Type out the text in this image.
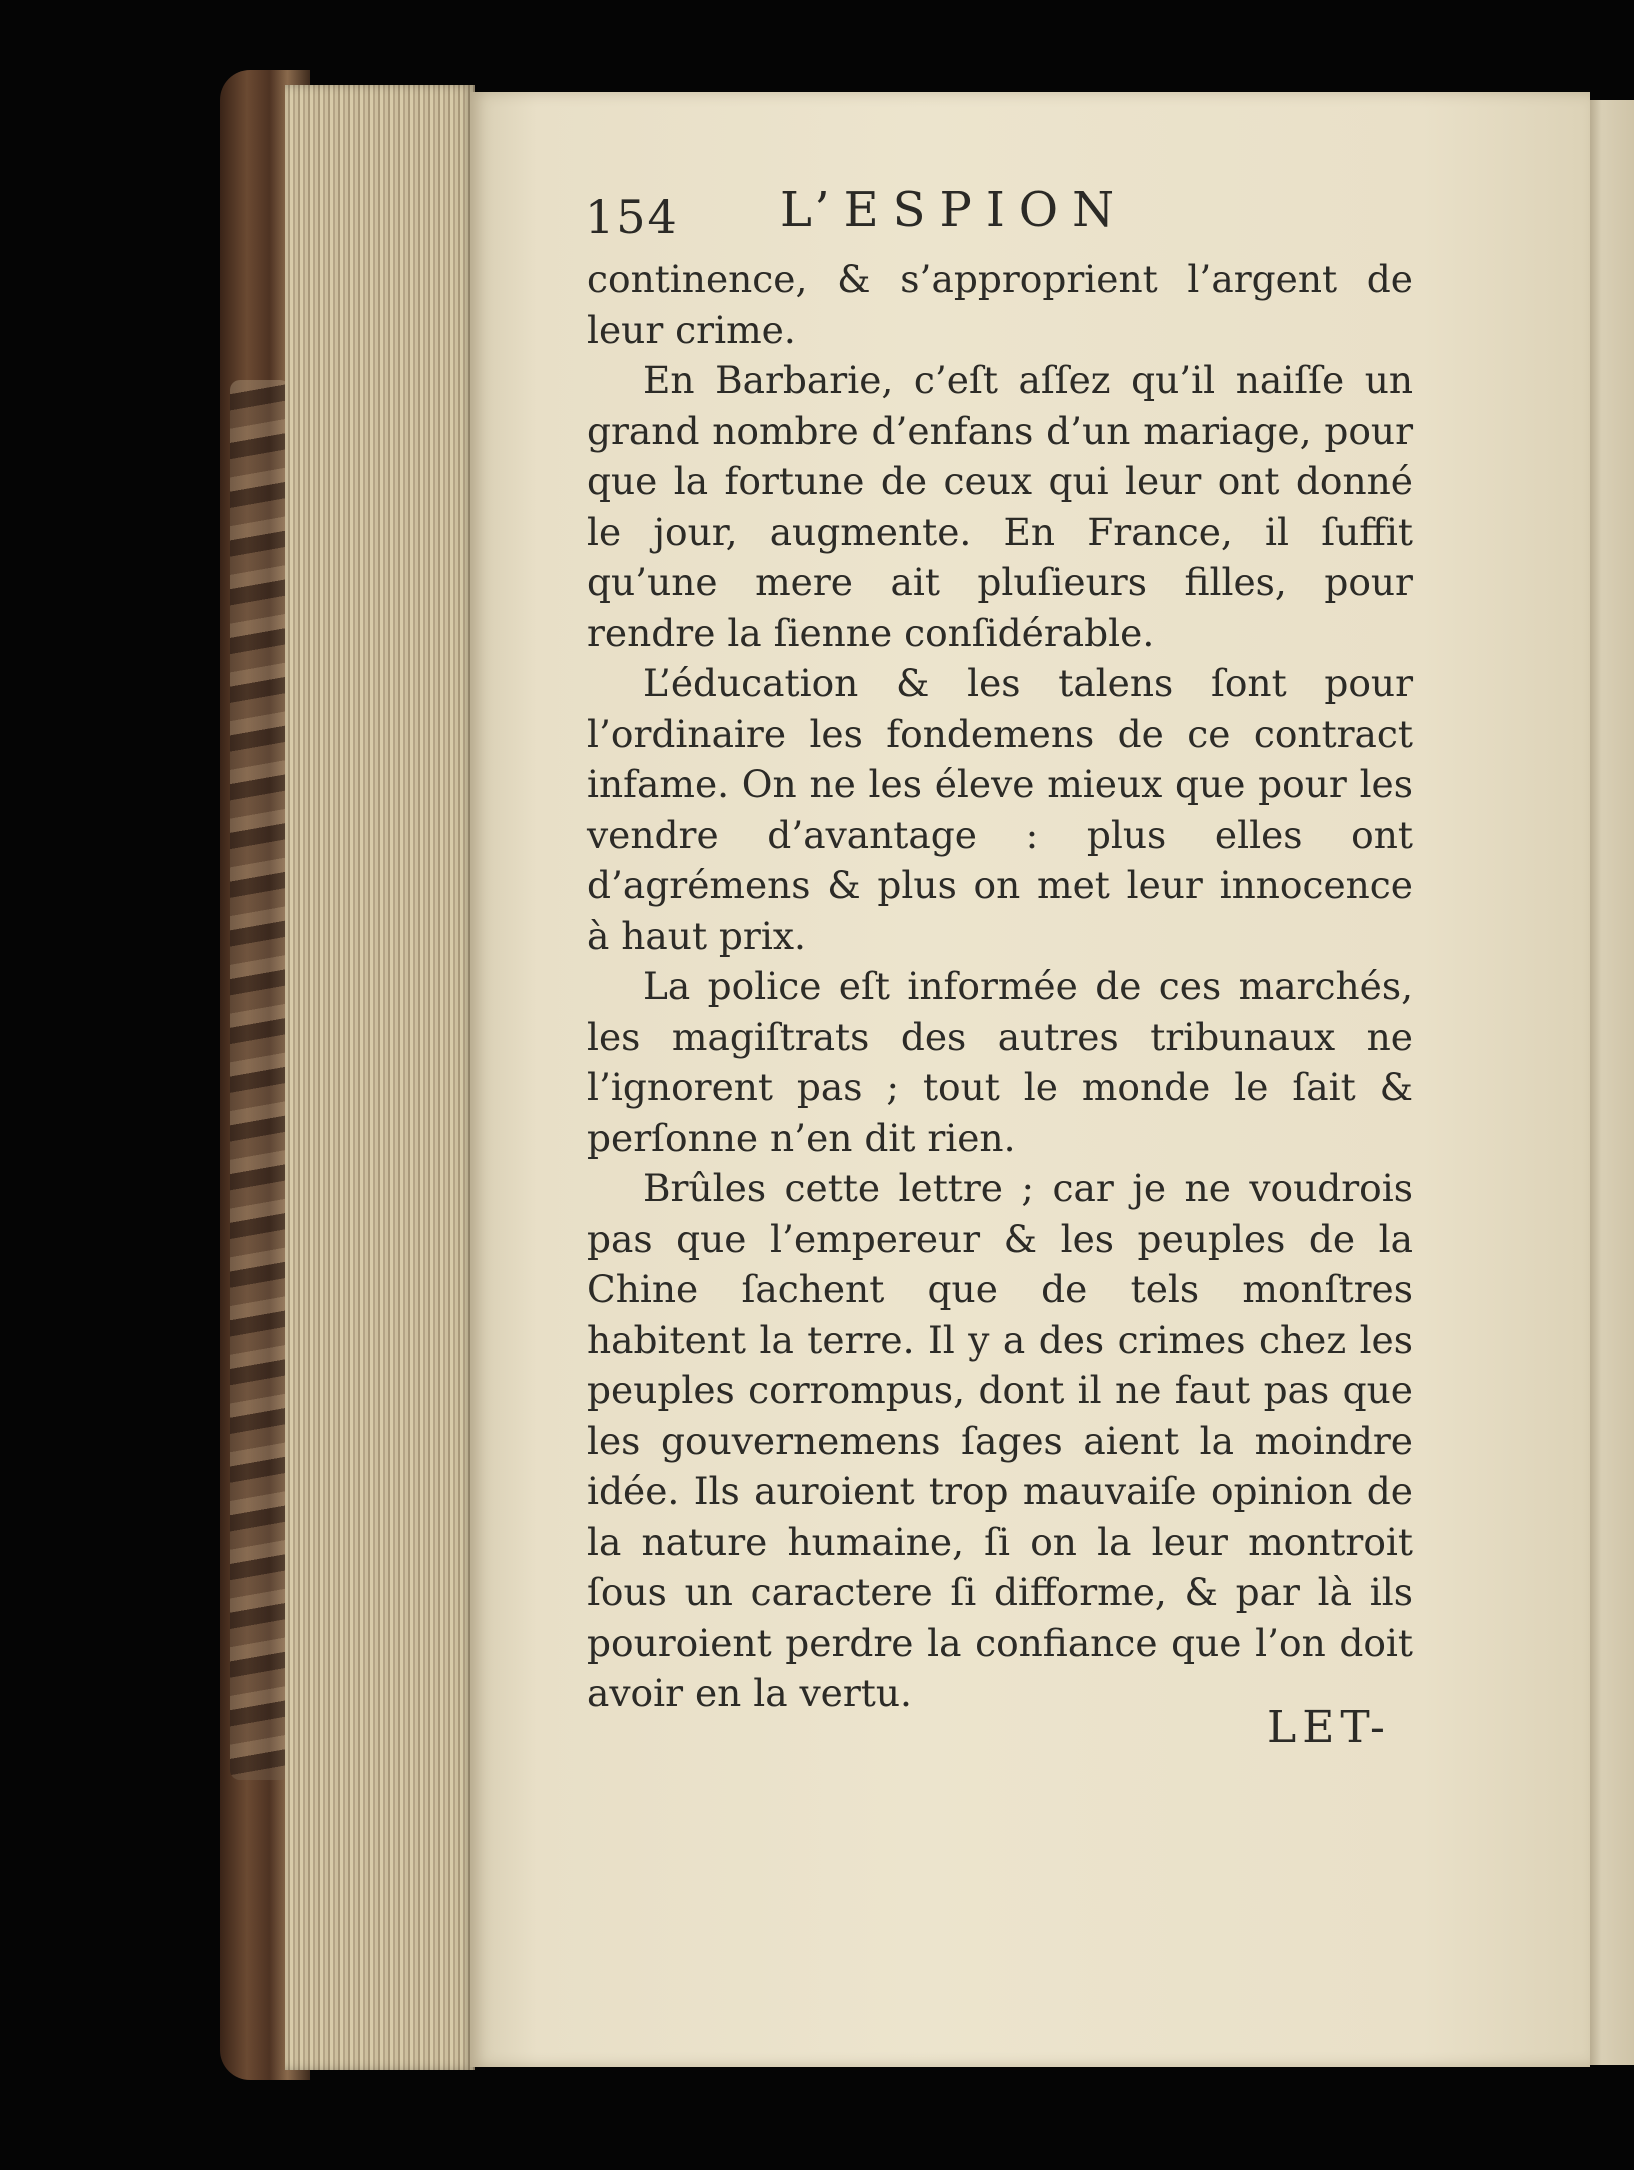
154 L’ESPION

continence, & s’approprient l’argent de leur crime.

En Barbarie, c’eſt aſſez qu’il naiſſe un grand nombre d’enfans d’un mariage, pour que la fortune de ceux qui leur ont donné le jour, augmente. En France, il ſuffit qu’une mere ait pluſieurs filles, pour rendre la ſienne conſidérable.

L’éducation & les talens ſont pour l’ordinaire les fondemens de ce contract infame. On ne les éleve mieux que pour les vendre d’avantage : plus elles ont d’agrémens & plus on met leur innocence à haut prix.

La police eſt informée de ces marchés, les magiſtrats des autres tribunaux ne l’ignorent pas ; tout le monde le ſait & perſonne n’en dit rien.

Brûles cette lettre ; car je ne voudrois pas que l’empereur & les peuples de la Chine ſachent que de tels monſtres habitent la terre. Il y a des crimes chez les peuples corrompus, dont il ne faut pas que les gouvernemens ſages aient la moindre idée. Ils auroient trop mauvaiſe opinion de la nature humaine, ſi on la leur montroit ſous un caractere ſi difforme, & par là ils pouroient perdre la confiance que l’on doit avoir en la vertu.

LET-
